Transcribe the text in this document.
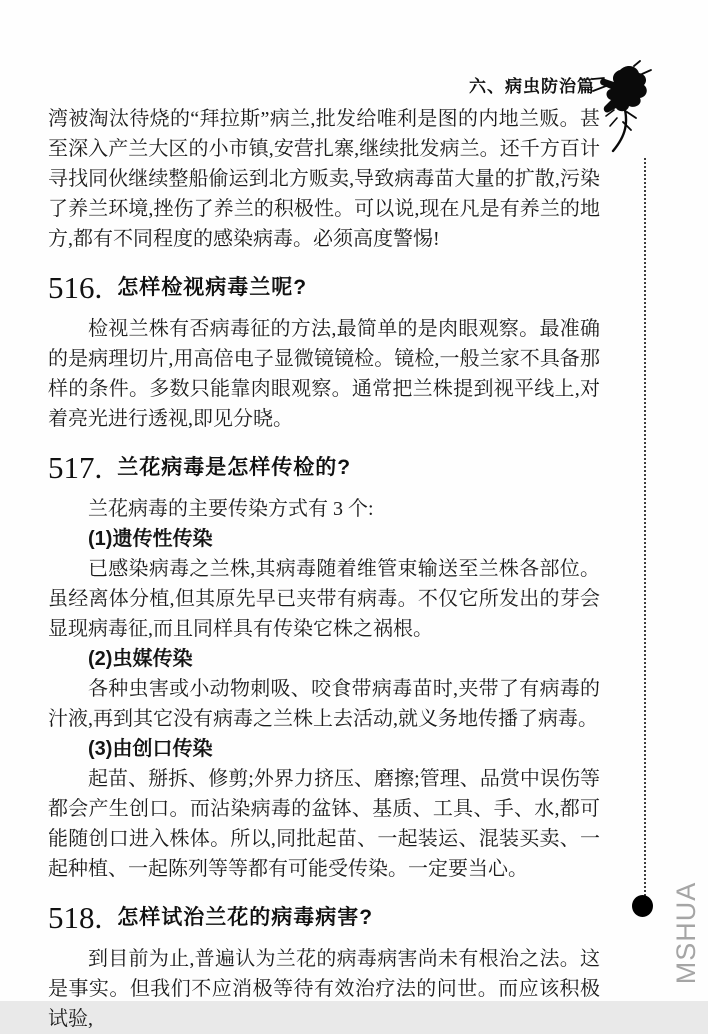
六、病虫防治篇
MSHUA

湾被淘汰待烧的“拜拉斯”病兰,批发给唯利是图的内地兰贩。甚至深入产兰大区的小市镇,安营扎寨,继续批发病兰。还千方百计寻找同伙继续整船偷运到北方贩卖,导致病毒苗大量的扩散,污染了养兰环境,挫伤了养兰的积极性。可以说,现在凡是有养兰的地方,都有不同程度的感染病毒。必须高度警惕!

516. 怎样检视病毒兰呢?

检视兰株有否病毒征的方法,最简单的是肉眼观察。最准确的是病理切片,用高倍电子显微镜镜检。镜检,一般兰家不具备那样的条件。多数只能靠肉眼观察。通常把兰株提到视平线上,对着亮光进行透视,即见分晓。

517. 兰花病毒是怎样传检的?

兰花病毒的主要传染方式有 3 个:

(1)遗传性传染

已感染病毒之兰株,其病毒随着维管束输送至兰株各部位。虽经离体分植,但其原先早已夹带有病毒。不仅它所发出的芽会显现病毒征,而且同样具有传染它株之祸根。

(2)虫媒传染

各种虫害或小动物刺吸、咬食带病毒苗时,夹带了有病毒的汁液,再到其它没有病毒之兰株上去活动,就义务地传播了病毒。

(3)由创口传染

起苗、掰拆、修剪;外界力挤压、磨擦;管理、品赏中误伤等都会产生创口。而沾染病毒的盆钵、基质、工具、手、水,都可能随创口进入株体。所以,同批起苗、一起装运、混装买卖、一起种植、一起陈列等等都有可能受传染。一定要当心。

518. 怎样试治兰花的病毒病害?

到目前为止,普遍认为兰花的病毒病害尚未有根治之法。这是事实。但我们不应消极等待有效治疗法的问世。而应该积极试验,
